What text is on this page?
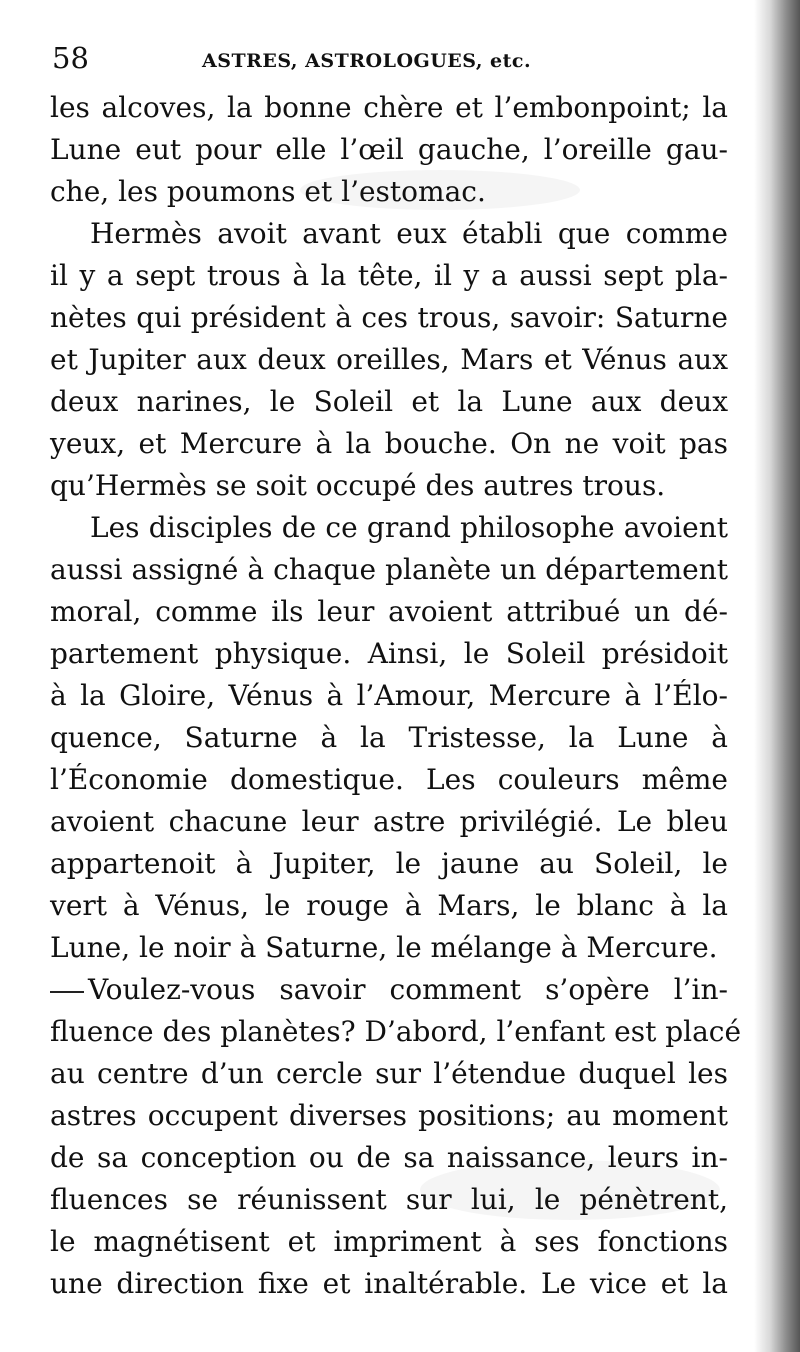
58	ASTRES, ASTROLOGUES, etc.
les alcoves, la bonne chère et l’embonpoint; la
Lune eut pour elle l’œil gauche, l’oreille gau-
che, les poumons et l’estomac.
Hermès avoit avant eux établi que comme
il y a sept trous à la tête, il y a aussi sept pla-
nètes qui président à ces trous, savoir: Saturne
et Jupiter aux deux oreilles, Mars et Vénus aux
deux narines, le Soleil et la Lune aux deux
yeux, et Mercure à la bouche. On ne voit pas
qu’Hermès se soit occupé des autres trous.
Les disciples de ce grand philosophe avoient
aussi assigné à chaque planète un département
moral, comme ils leur avoient attribué un dé-
partement physique. Ainsi, le Soleil présidoit
à la Gloire, Vénus à l’Amour, Mercure à l’Élo-
quence, Saturne à la Tristesse, la Lune à
l’Économie domestique. Les couleurs même
avoient chacune leur astre privilégié. Le bleu
appartenoit à Jupiter, le jaune au Soleil, le
vert à Vénus, le rouge à Mars, le blanc à la
Lune, le noir à Saturne, le mélange à Mercure.
Voulez-vous savoir comment s’opère l’in-
fluence des planètes? D’abord, l’enfant est placé
au centre d’un cercle sur l’étendue duquel les
astres occupent diverses positions; au moment
de sa conception ou de sa naissance, leurs in-
fluences se réunissent sur lui, le pénètrent,
le magnétisent et impriment à ses fonctions
une direction fixe et inaltérable. Le vice et la
